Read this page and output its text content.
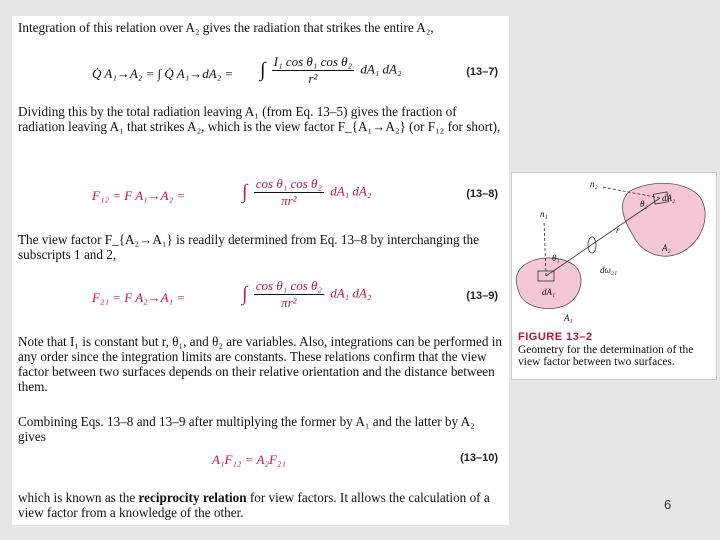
Integration of this relation over A₂ gives the radiation that strikes the entire A₂,

Q̇ A₁→A₂ = ∫ Q̇ A₁→dA₂ = ∫ $\frac{\text{I₁ cos θ₁ cos θ₂}}{\text{r²}} dA_1$ dA₂	(13–7)

Dividing this by the total radiation leaving A₁ (from Eq. 13–5) gives the fraction of radiation leaving A₁ that strikes A₂, which is the view factor F_{A₁→A₂} (or F₁₂ for short),

F₁₂ = F A₁→A₂ =	∫ $\frac{\text{cos θ₁ cos θ₂}}{\text{πr²}} dA_1$ dA₂	(13–8)

The view factor F_{A₂→A₁} is readily determined from Eq. 13–8 by interchanging the subscripts 1 and 2,

F₂₁ = F A₂→A₁ =	∫ $\frac{\text{cos θ₁ cos θ₂}}{\text{πr²}} dA_1$ dA₂	(13–9)

Note that I₁ is constant but r, θ₁, and θ₂ are variables. Also, integrations can be performed in any order since the integration limits are constants. These relations confirm that the view factor between two surfaces depends on their relative orientation and the distance between them.

Combining Eqs. 13–8 and 13–9 after multiplying the former by A₁ and the latter by A₂ gives

A₁F₁₂ = A₂F₂₁	(13–10)

which is known as the reciprocity relation for view factors. It allows the calculation of a view factor from a knowledge of the other.

n₂
n₁
dA₂
dA₁
A₂
A₁
θ₁
θ₂
r
dω₂₁
FIGURE 13–2
Geometry for the determination of the view factor between two surfaces.
6
